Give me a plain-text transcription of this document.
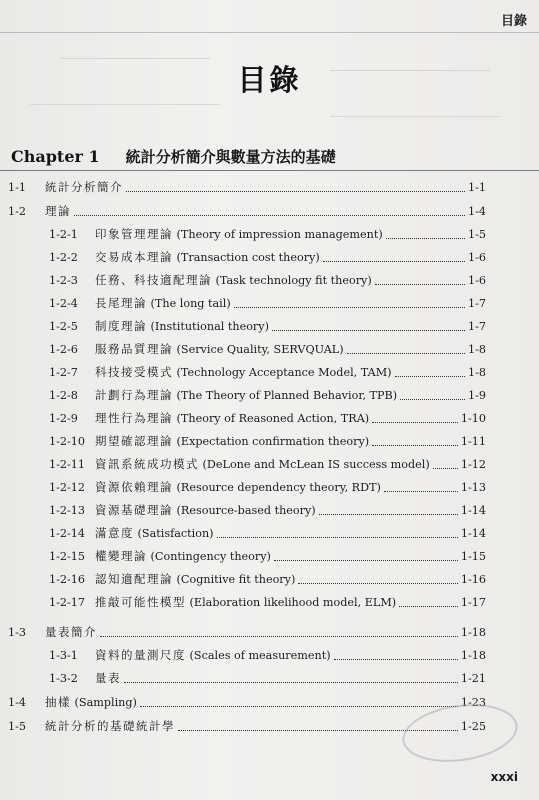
目錄
目錄
Chapter 1 統計分析簡介與數量方法的基礎
1-1	統計分析簡介	1-1
1-2	理論	1-4
1-2-1	印象管理理論 (Theory of impression management)	1-5
1-2-2	交易成本理論 (Transaction cost theory)	1-6
1-2-3	任務、科技適配理論 (Task technology fit theory)	1-6
1-2-4	長尾理論 (The long tail)	1-7
1-2-5	制度理論 (Institutional theory)	1-7
1-2-6	服務品質理論 (Service Quality, SERVQUAL)	1-8
1-2-7	科技接受模式 (Technology Acceptance Model, TAM)	1-8
1-2-8	計劃行為理論 (The Theory of Planned Behavior, TPB)	1-9
1-2-9	理性行為理論 (Theory of Reasoned Action, TRA)	1-10
1-2-10 期望確認理論 (Expectation confirmation theory)	1-11
1-2-11 資訊系統成功模式 (DeLone and McLean IS success model)	1-12
1-2-12 資源依賴理論 (Resource dependency theory, RDT)	1-13
1-2-13 資源基礎理論 (Resource-based theory)	1-14
1-2-14 滿意度 (Satisfaction)	1-14
1-2-15 權變理論 (Contingency theory)	1-15
1-2-16 認知適配理論 (Cognitive fit theory)	1-16
1-2-17 推敲可能性模型 (Elaboration likelihood model, ELM)	1-17
1-3	量表簡介	1-18
1-3-1	資料的量測尺度 (Scales of measurement)	1-18
1-3-2	量表	1-21
1-4	抽樣 (Sampling)	1-23
1-5	統計分析的基礎統計學	1-25
xxxi
